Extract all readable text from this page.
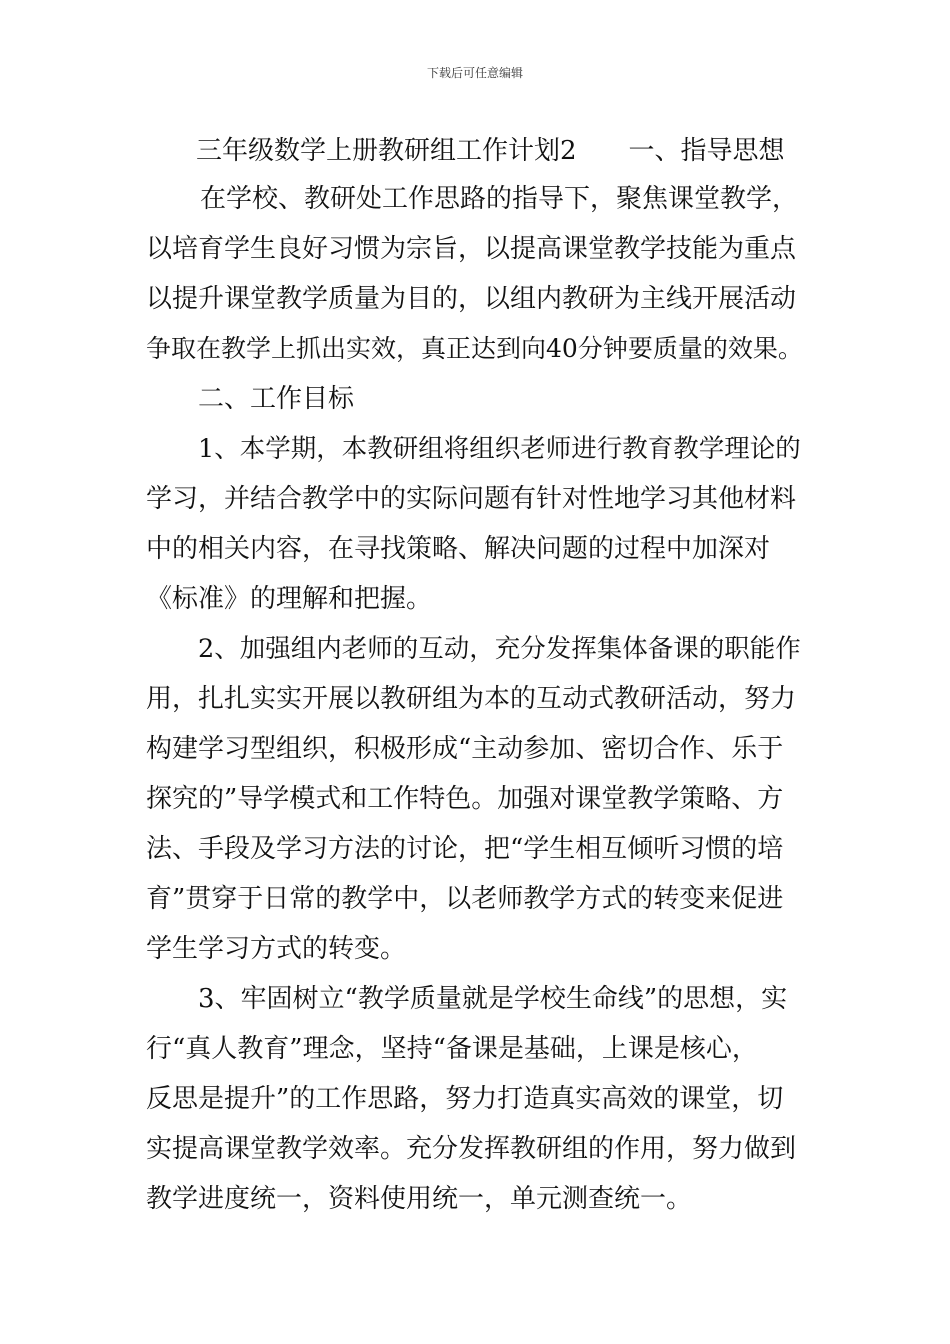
下载后可任意编辑
三年级数学上册教研组工作计划2 一、指导思想
在学校、教研处工作思路的指导下，聚焦课堂教学，
以培育学生良好习惯为宗旨，以提高课堂教学技能为重点
以提升课堂教学质量为目的，以组内教研为主线开展活动
争取在教学上抓出实效，真正达到向40分钟要质量的效果。
二、工作目标
1、本学期，本教研组将组织老师进行教育教学理论的
学习，并结合教学中的实际问题有针对性地学习其他材料
中的相关内容，在寻找策略、解决问题的过程中加深对
《标准》的理解和把握。
2、加强组内老师的互动，充分发挥集体备课的职能作
用，扎扎实实开展以教研组为本的互动式教研活动，努力
构建学习型组织，积极形成“主动参加、密切合作、乐于
探究的”导学模式和工作特色。加强对课堂教学策略、方
法、手段及学习方法的讨论，把“学生相互倾听习惯的培
育”贯穿于日常的教学中，以老师教学方式的转变来促进
学生学习方式的转变。
3、牢固树立“教学质量就是学校生命线”的思想，实
行“真人教育”理念，坚持“备课是基础，上课是核心，
反思是提升”的工作思路，努力打造真实高效的课堂，切
实提高课堂教学效率。充分发挥教研组的作用，努力做到
教学进度统一，资料使用统一，单元测查统一。
